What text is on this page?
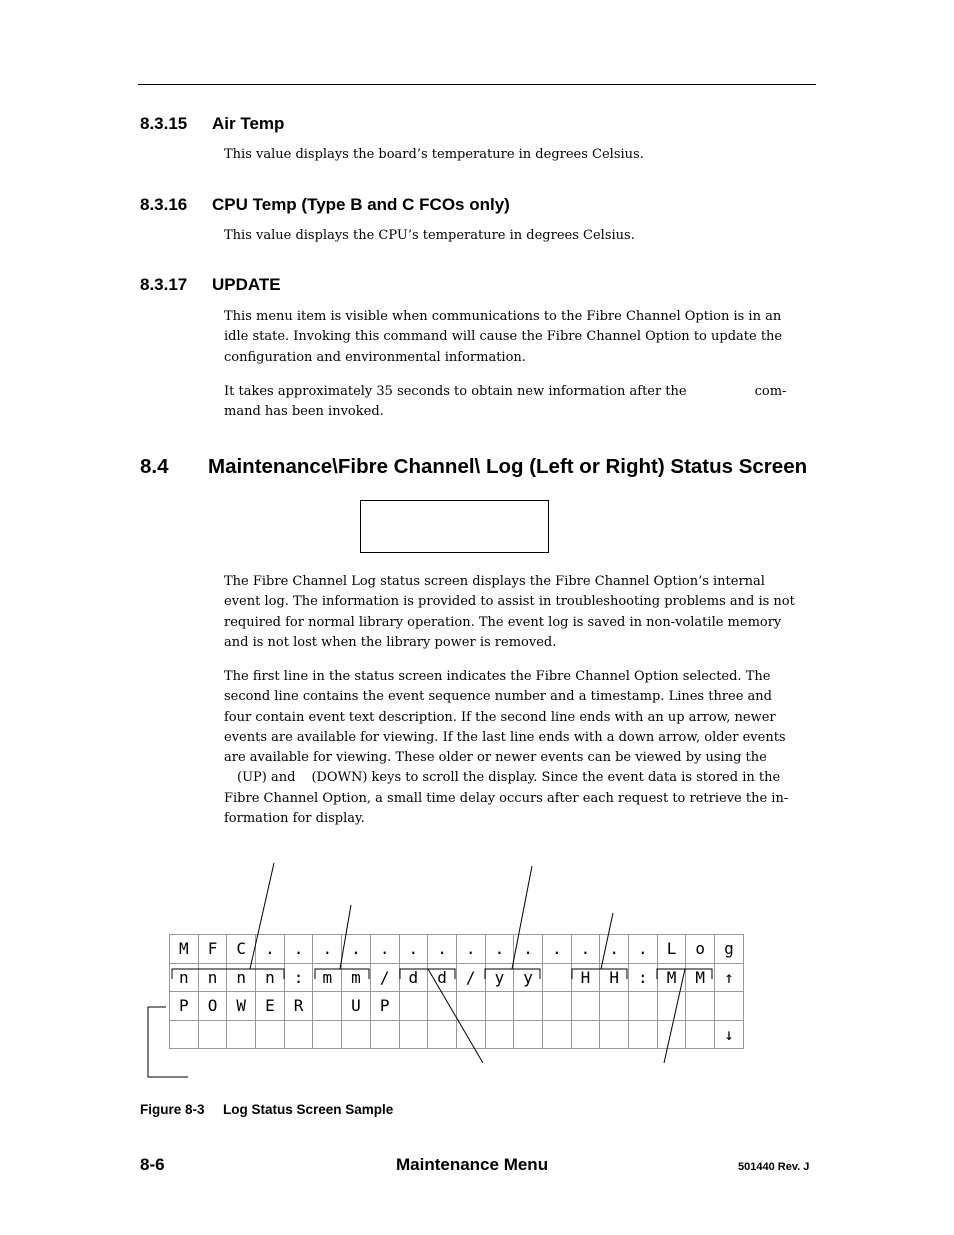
8.3.15 Air Temp
This value displays the board’s temperature in degrees Celsius.
8.3.16 CPU Temp (Type B and C FCOs only)
This value displays the CPU’s temperature in degrees Celsius.
8.3.17 UPDATE
This menu item is visible when communications to the Fibre Channel Option is in an
idle state. Invoking this command will cause the Fibre Channel Option to update the
configuration and environmental information.
It takes approximately 35 seconds to obtain new information after the	com-
mand has been invoked.
8.4 Maintenance\Fibre Channel\ Log (Left or Right) Status Screen
The Fibre Channel Log status screen displays the Fibre Channel Option’s internal
event log. The information is provided to assist in troubleshooting problems and is not
required for normal library operation. The event log is saved in non-volatile memory
and is not lost when the library power is removed.
The first line in the status screen indicates the Fibre Channel Option selected. The
second line contains the event sequence number and a timestamp. Lines three and
four contain event text description. If the second line ends with an up arrow, newer
events are available for viewing. If the last line ends with a down arrow, older events
are available for viewing. These older or newer events can be viewed by using the
(UP) and (DOWN) keys to scroll the display. Since the event data is stored in the
Fibre Channel Option, a small time delay occurs after each request to retrieve the in-
formation for display.
M	F	C	.	.	.	.	.	.	.	.	.	.	.	.	.	.	L	o	g
n	n	n	n	:	m	m	/	d	d	/	y	y		H	H	:	M	M	↑
P	O	W	E	R		U	P												
																			↓
Figure 8-3 Log Status Screen Sample
8-6	Maintenance Menu	501440 Rev. J
